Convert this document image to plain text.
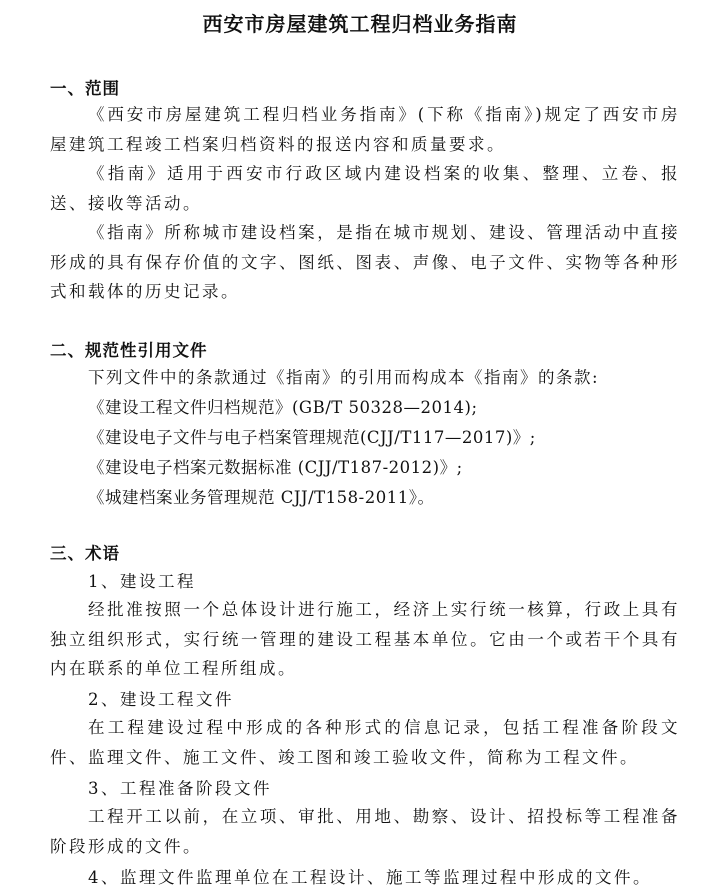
西安市房屋建筑工程归档业务指南
一、范围

《西安市房屋建筑工程归档业务指南》(下称《指南》)规定了西安市房屋建筑工程竣工档案归档资料的报送内容和质量要求。

《指南》适用于西安市行政区域内建设档案的收集、整理、立卷、报送、接收等活动。

《指南》所称城市建设档案，是指在城市规划、建设、管理活动中直接形成的具有保存价值的文字、图纸、图表、声像、电子文件、实物等各种形式和载体的历史记录。

二、规范性引用文件
下列文件中的条款通过《指南》的引用而构成本《指南》的条款:
《建设工程文件归档规范》(GB/T 50328—2014);
《建设电子文件与电子档案管理规范(CJJ/T117—2017)》;
《建设电子档案元数据标准 (CJJ/T187-2012)》;
《城建档案业务管理规范 CJJ/T158-2011》。
三、术语
1、建设工程

经批准按照一个总体设计进行施工，经济上实行统一核算，行政上具有独立组织形式，实行统一管理的建设工程基本单位。它由一个或若干个具有内在联系的单位工程所组成。

2、建设工程文件

在工程建设过程中形成的各种形式的信息记录，包括工程准备阶段文件、监理文件、施工文件、竣工图和竣工验收文件，简称为工程文件。

3、工程准备阶段文件

工程开工以前，在立项、审批、用地、勘察、设计、招投标等工程准备阶段形成的文件。

4、监理文件监理单位在工程设计、施工等监理过程中形成的文件。
